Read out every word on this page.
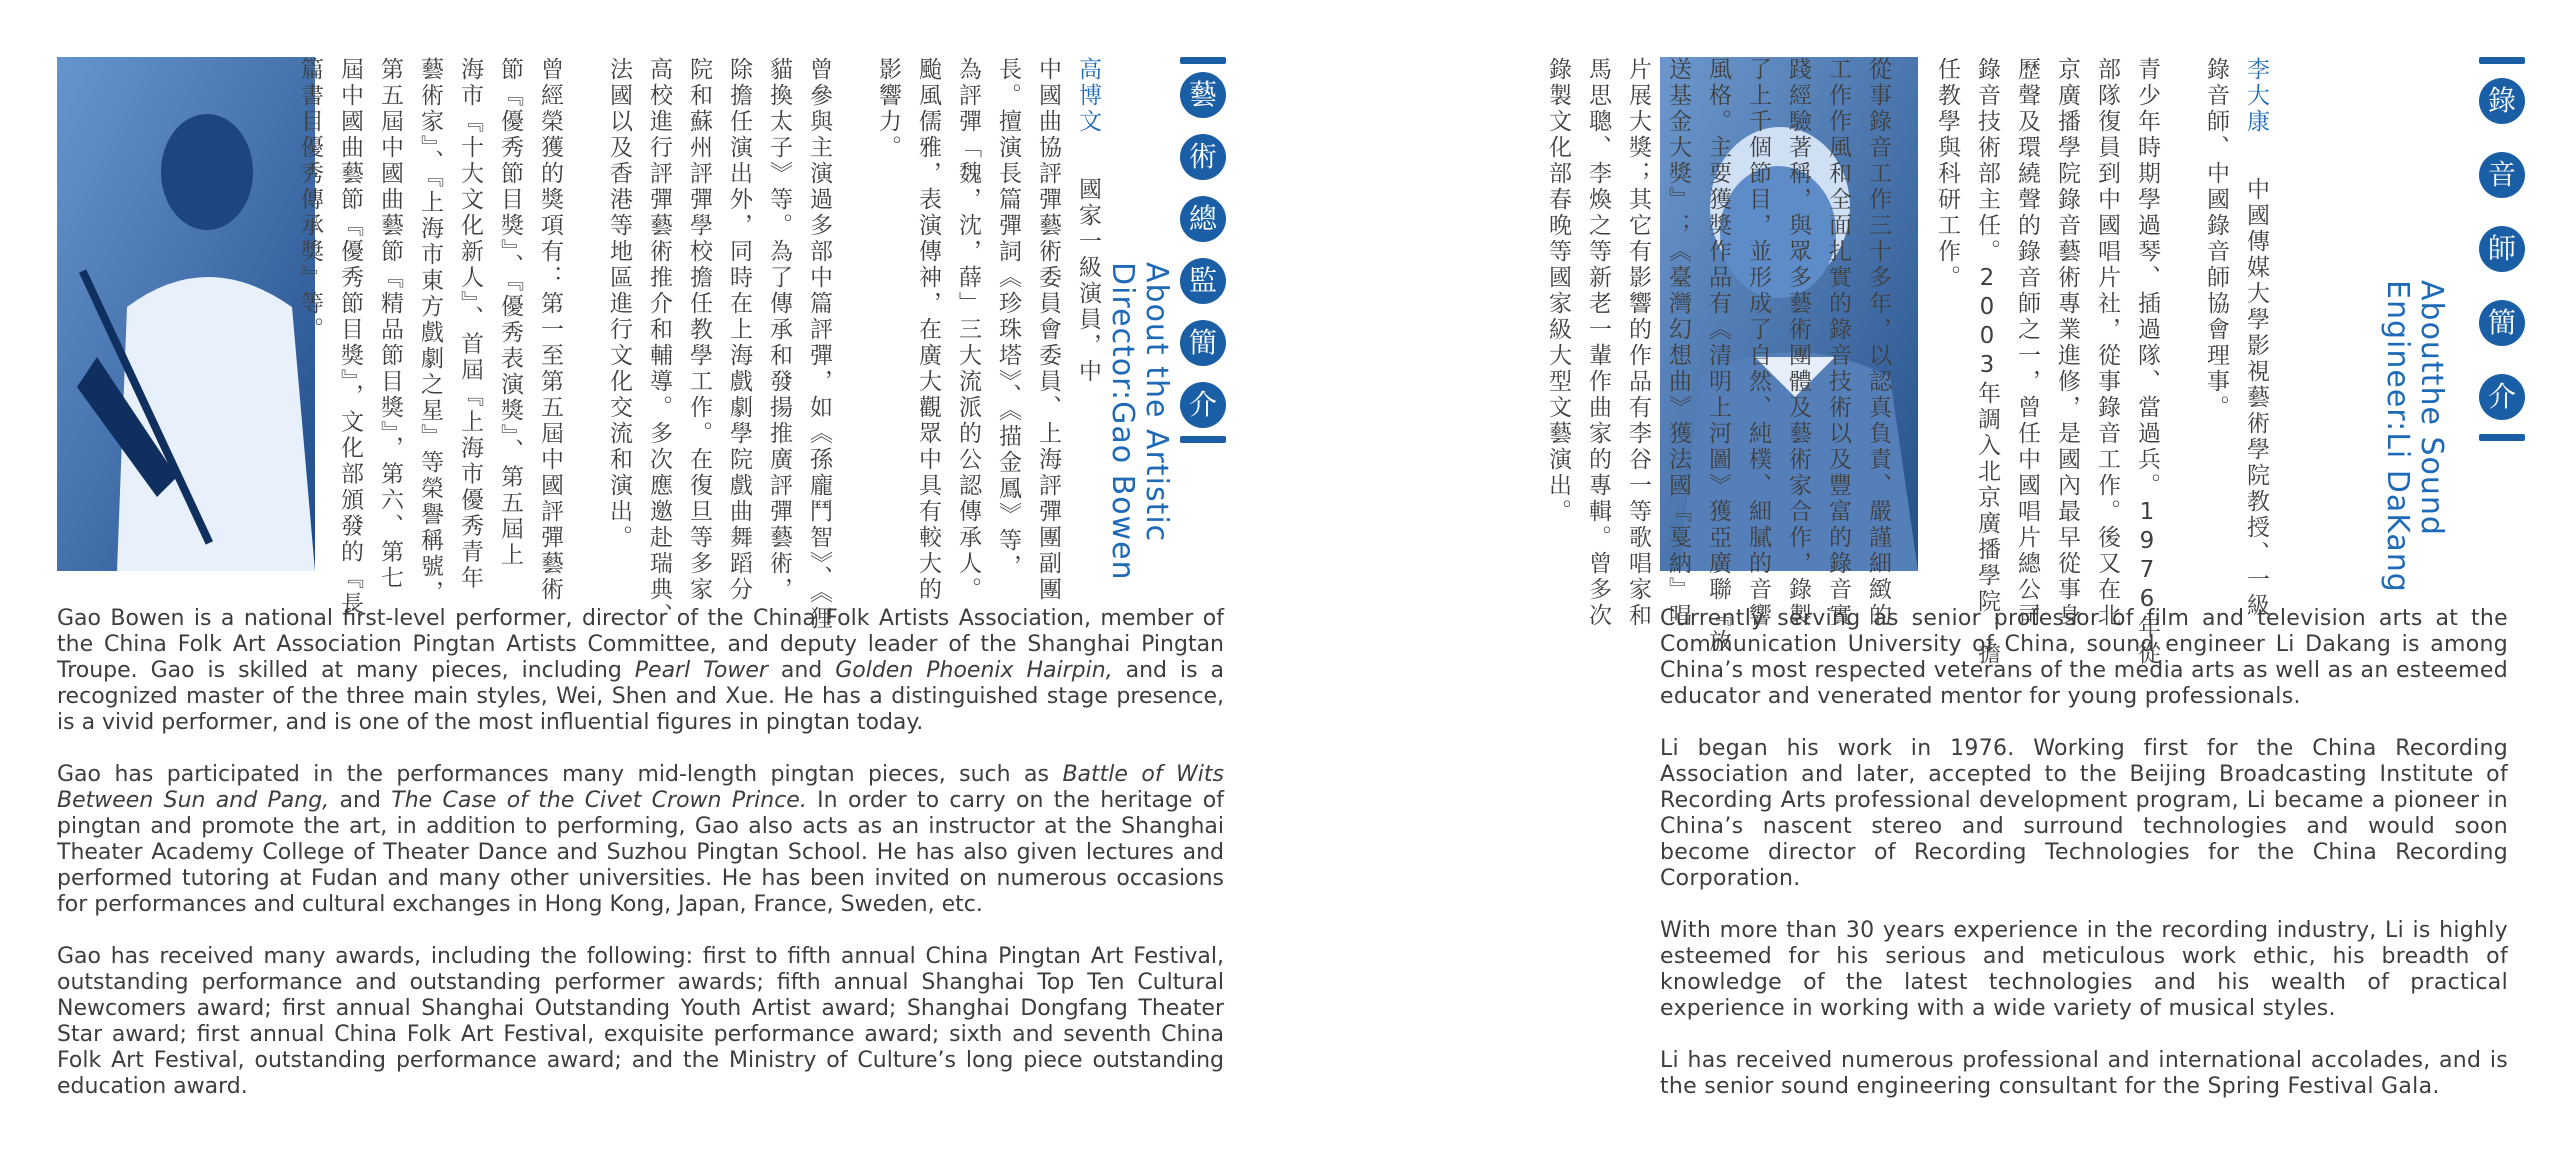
高博文國家一級演員，中
中國曲協評彈藝術委員會委員、上海評彈團副團
長。擅演長篇彈詞《珍珠塔》、《描金鳳》等，
為評彈「魏，沈，薛」三大流派的公認傳承人。
颱風儒雅，表演傳神，在廣大觀眾中具有較大的
影響力。
曾參與主演過多部中篇評彈，如《孫龐鬥智》、《狸
貓換太子》等。為了傳承和發揚推廣評彈藝術，
除擔任演出外，同時在上海戲劇學院戲曲舞蹈分
院和蘇州評彈學校擔任教學工作。在復旦等多家
高校進行評彈藝術推介和輔導。多次應邀赴瑞典、
法國以及香港等地區進行文化交流和演出。
曾經榮獲的獎項有：第一至第五屆中國評彈藝術
節『優秀節目獎』、『優秀表演獎』、第五屆上
海市『十大文化新人』、首屆『上海市優秀青年
藝術家』、『上海市東方戲劇之星』等榮譽稱號，
第五屆中國曲藝節『精品節目獎』，第六、第七
屆中國曲藝節『優秀節目獎』，文化部頒發的『長
篇書目優秀傳承獎』等。	藝
術
總
監
簡
介
About the Artistic
Director:Gao Bowen

Gao Bowen is a national first-level performer, director of the China Folk Artists Association, member of the China Folk Art Association Pingtan Artists Committee, and deputy leader of the Shanghai Pingtan Troupe. Gao is skilled at many pieces, including Pearl Tower and Golden Phoenix Hairpin, and is a recognized master of the three main styles, Wei, Shen and Xue. He has a distinguished stage presence, is a vivid performer, and is one of the most influential figures in pingtan today.

Gao has participated in the performances many mid-length pingtan pieces, such as Battle of Wits Between Sun and Pang, and The Case of the Civet Crown Prince. In order to carry on the heritage of pingtan and promote the art, in addition to performing, Gao also acts as an instructor at the Shanghai Theater Academy College of Theater Dance and Suzhou Pingtan School. He has also given lectures and performed tutoring at Fudan and many other universities. He has been invited on numerous occasions for performances and cultural exchanges in Hong Kong, Japan, France, Sweden, etc.

Gao has received many awards, including the following: first to fifth annual China Pingtan Art Festival, outstanding performance and outstanding performer awards; fifth annual Shanghai Top Ten Cultural Newcomers award; first annual Shanghai Outstanding Youth Artist award; Shanghai Dongfang Theater Star award; first annual China Folk Art Festival, exquisite performance award; sixth and seventh China Folk Art Festival, outstanding performance award; and the Ministry of Culture’s long piece outstanding education award.

李大康中國傳媒大學影視藝術學院教授、一級
錄音師、中國錄音師協會理事。
青少年時期學過琴、插過隊、當過兵。1976年從
部隊復員到中國唱片社，從事錄音工作。後又在北
京廣播學院錄音藝術專業進修，是國內最早從事身
歷聲及環繞聲的錄音師之一，曾任中國唱片總公司
錄音技術部主任。2003年調入北京廣播學院，擔
任教學與科研工作。
從事錄音工作三十多年，以認真負責、嚴謹細緻的
工作作風和全面扎實的錄音技術以及豐富的錄音實
踐經驗著稱，與眾多藝術團體及藝術家合作，錄製
了上千個節目，並形成了自然、純樸、細膩的音響
風格。主要獲獎作品有《清明上河圖》獲亞廣聯『放
送基金大獎』；《臺灣幻想曲》獲法國『戛納』唱
片展大獎；其它有影響的作品有李谷一等歌唱家和
馬思聰、李煥之等新老一輩作曲家的專輯。曾多次
錄製文化部春晚等國家級大型文藝演出。	錄
音
師
簡
介
Aboutthe Sound
Engineer:Li DaKang

Currently serving as senior professor of film and television arts at the Communication University of China, sound engineer Li Dakang is among China’s most respected veterans of the media arts as well as an esteemed educator and venerated mentor for young professionals.

Li began his work in 1976. Working first for the China Recording Association and later, accepted to the Beijing Broadcasting Institute of Recording Arts professional development program, Li became a pioneer in China’s nascent stereo and surround technologies and would soon become director of Recording Technologies for the China Recording Corporation.

With more than 30 years experience in the recording industry, Li is highly esteemed for his serious and meticulous work ethic, his breadth of knowledge of the latest technologies and his wealth of practical experience in working with a wide variety of musical styles.

Li has received numerous professional and international accolades, and is the senior sound engineering consultant for the Spring Festival Gala.
